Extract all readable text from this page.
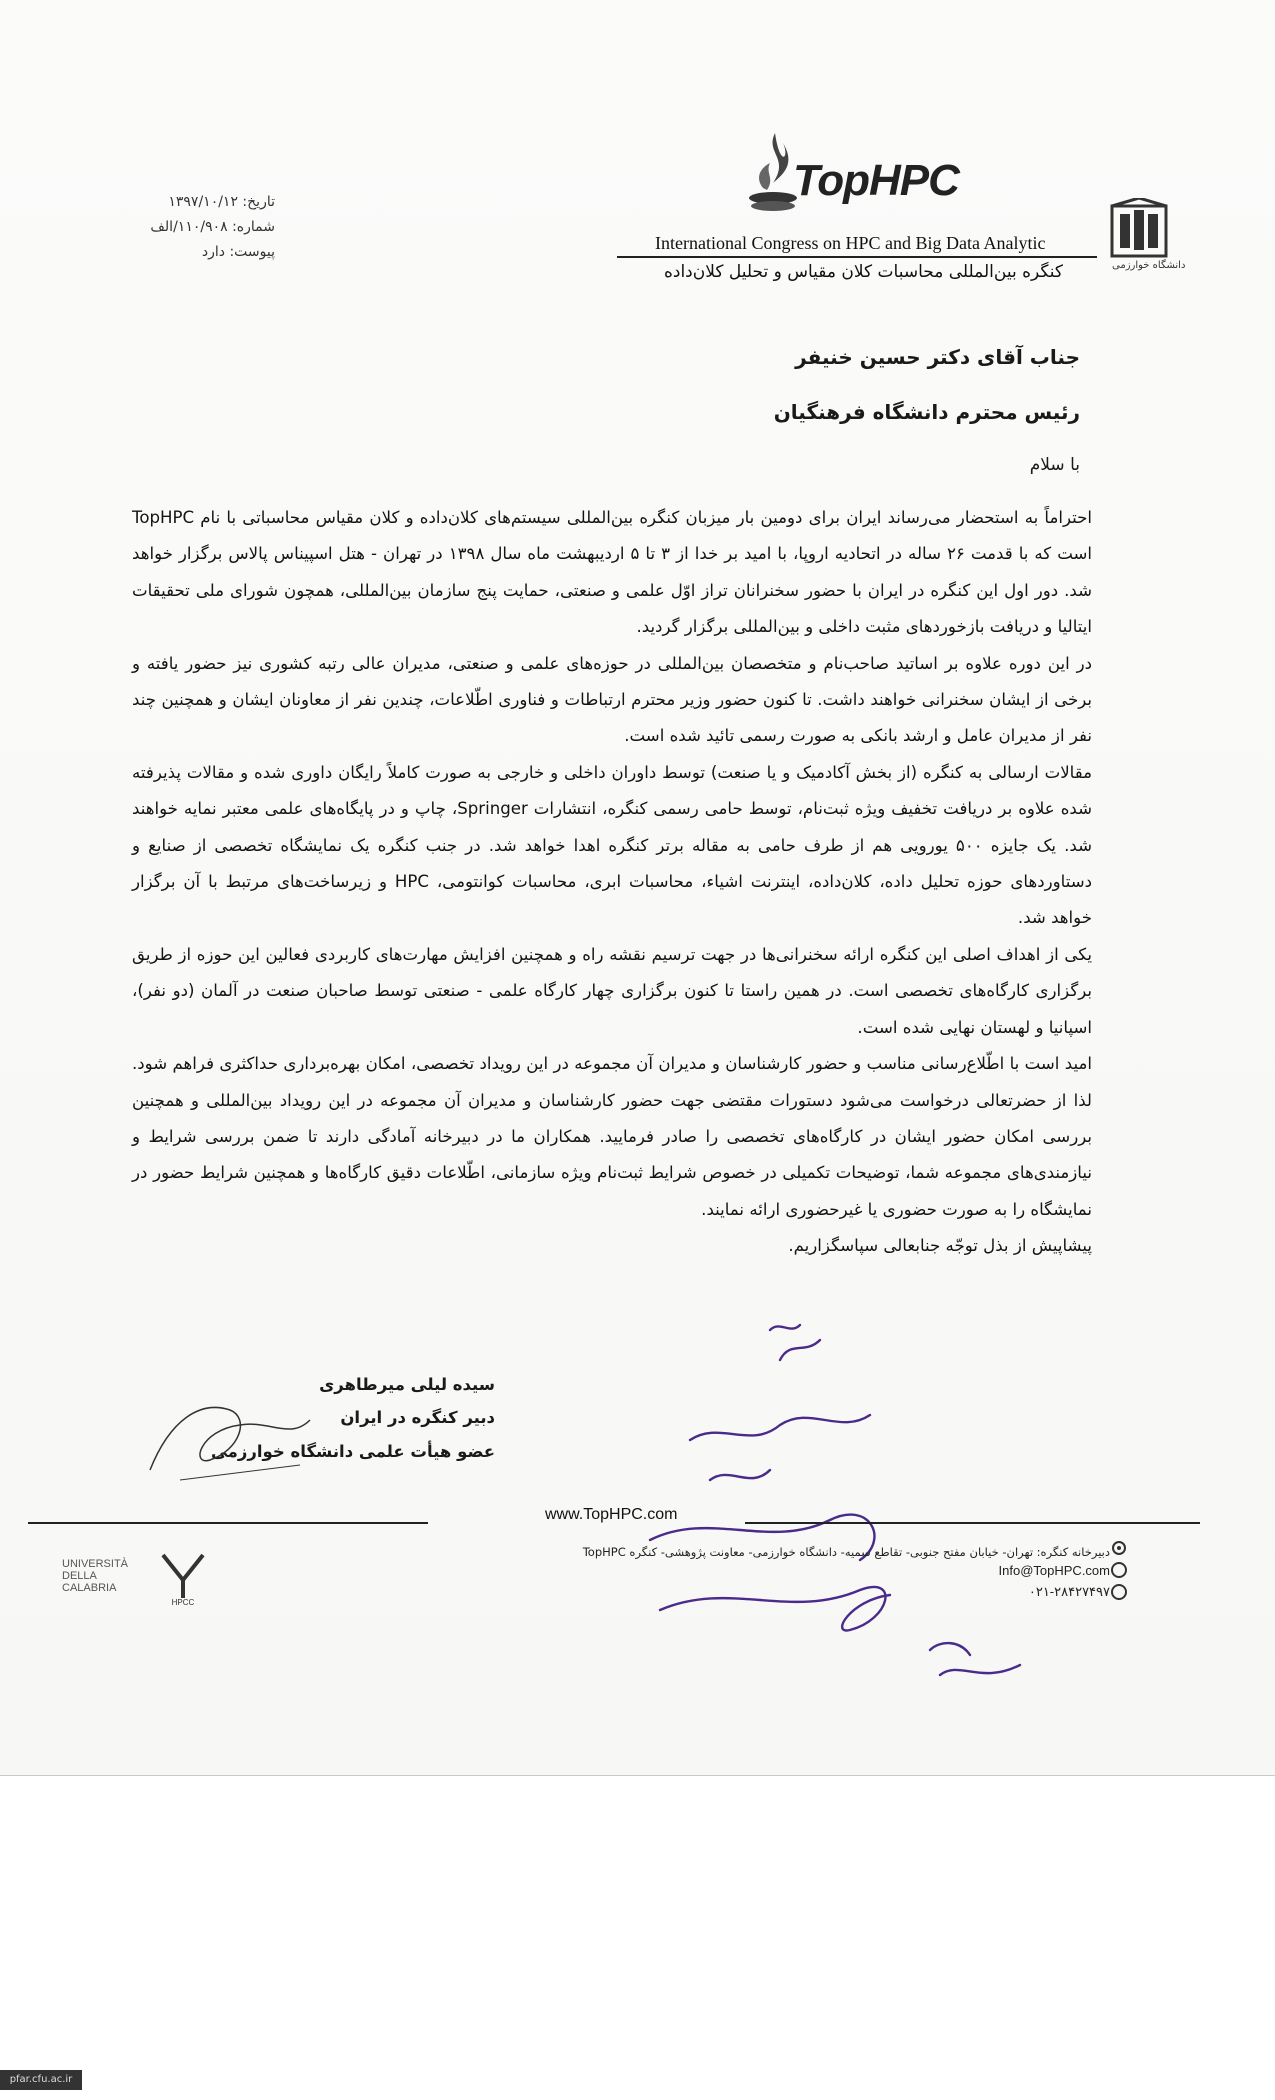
تاریخ: ۱۳۹۷/۱۰/۱۲
شماره: ۱۱۰/۹۰۸/الف
پیوست: دارد
TopHPC
International Congress on HPC and Big Data Analytic
کنگره بین‌المللی محاسبات کلان مقیاس و تحلیل کلان‌داده	دانشگاه خوارزمی
جناب آقای دکتر حسین خنیفر
رئیس محترم دانشگاه فرهنگیان
با سلام

احتراماً به استحضار می‌رساند ایران برای دومین بار میزبان کنگره بین‌المللی سیستم‌های کلان‌داده و کلان مقیاس محاسباتی با نام TopHPC است که با قدمت ۲۶ ساله در اتحادیه اروپا، با امید بر خدا از ۳ تا ۵ اردیبهشت ماه سال ۱۳۹۸ در تهران - هتل اسپیناس پالاس برگزار خواهد شد. دور اول این کنگره در ایران با حضور سخنرانان تراز اوّل علمی و صنعتی، حمایت پنج سازمان بین‌المللی، همچون شورای ملی تحقیقات ایتالیا و دریافت بازخوردهای مثبت داخلی و بین‌المللی برگزار گردید.

در این دوره علاوه بر اساتید صاحب‌نام و متخصصان بین‌المللی در حوزه‌های علمی و صنعتی، مدیران عالی رتبه کشوری نیز حضور یافته و برخی از ایشان سخنرانی خواهند داشت. تا کنون حضور وزیر محترم ارتباطات و فناوری اطّلاعات، چندین نفر از معاونان ایشان و همچنین چند نفر از مدیران عامل و ارشد بانکی به صورت رسمی تائید شده است.

مقالات ارسالی به کنگره (از بخش آکادمیک و یا صنعت) توسط داوران داخلی و خارجی به صورت کاملاً رایگان داوری شده و مقالات پذیرفته شده علاوه بر دریافت تخفیف ویژه ثبت‌نام، توسط حامی رسمی کنگره، انتشارات Springer، چاپ و در پایگاه‌های علمی معتبر نمایه خواهند شد. یک جایزه ۵۰۰ یورویی هم از طرف حامی به مقاله برتر کنگره اهدا خواهد شد. در جنب کنگره یک نمایشگاه تخصصی از صنایع و دستاوردهای حوزه تحلیل داده، کلان‌داده، اینترنت اشیاء، محاسبات ابری، محاسبات کوانتومی، HPC و زیرساخت‌های مرتبط با آن برگزار خواهد شد.

یکی از اهداف اصلی این کنگره ارائه سخنرانی‌ها در جهت ترسیم نقشه راه و همچنین افزایش مهارت‌های کاربردی فعالین این حوزه از طریق برگزاری کارگاه‌های تخصصی است. در همین راستا تا کنون برگزاری چهار کارگاه علمی - صنعتی توسط صاحبان صنعت در آلمان (دو نفر)، اسپانیا و لهستان نهایی شده است.

امید است با اطّلاع‌رسانی مناسب و حضور کارشناسان و مدیران آن مجموعه در این رویداد تخصصی، امکان بهره‌برداری حداکثری فراهم شود. لذا از حضرتعالی درخواست می‌شود دستورات مقتضی جهت حضور کارشناسان و مدیران آن مجموعه در این رویداد بین‌المللی و همچنین بررسی امکان حضور ایشان در کارگاه‌های تخصصی را صادر فرمایید. همکاران ما در دبیرخانه آمادگی دارند تا ضمن بررسی شرایط و نیازمندی‌های مجموعه شما، توضیحات تکمیلی در خصوص شرایط ثبت‌نام ویژه سازمانی، اطّلاعات دقیق کارگاه‌ها و همچنین شرایط حضور در نمایشگاه را به صورت حضوری یا غیرحضوری ارائه نمایند.

پیشاپیش از بذل توجّه جنابعالی سپاسگزاریم.

سیده لیلی میرطاهری
دبیر کنگره در ایران
عضو هیأت علمی دانشگاه خوارزمی
www.TopHPC.com
دبیرخانه کنگره: تهران- خیابان مفتح جنوبی- تقاطع سمیه- دانشگاه خوارزمی- معاونت پژوهشی- کنگره TopHPC
Info@TopHPC.com
۰۲۱-۲۸۴۲۷۴۹۷
UNIVERSITÀ DELLA CALABRIA
HPCC
pfar.cfu.ac.ir
